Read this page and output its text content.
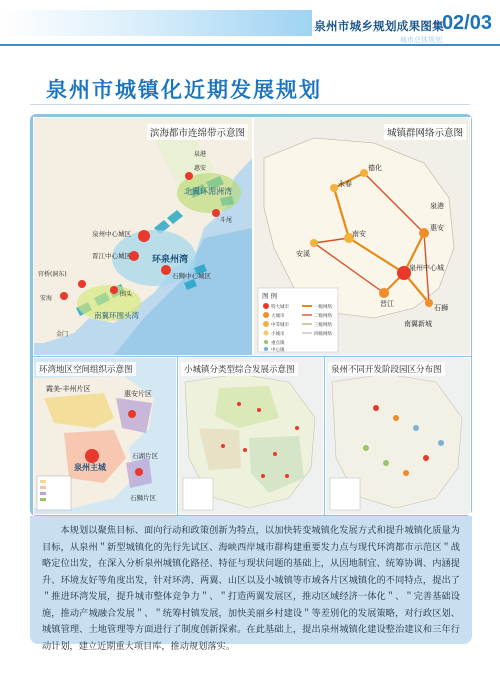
泉州市城乡规划成果图集
02/03
城市总体规划
泉州市城镇化近期发展规划
环泉州湾
北翼环湄洲湾
南翼环围头湾
泉州中心城区
晋江中心城区
石狮中心城区
官桥(洞东)
安海
惠安
斗尾
泉港
围头
金门
滨海都市连绵带示意图
德化
永春
安溪
南安
泉州中心城
惠安
泉港
石狮
晋江
南翼新城
图 例
特大城市
大城市
中等城市
小城市
重点镇
中心镇
一级网络
二级网络
三级网络
四级网络
城镇群网络示意图
霞美-丰州片区
惠安片区
泉州主城
石湖片区
石狮片区
环湾地区空间组织示意图	小城镇分类型综合发展示意图	泉州不同开发阶段园区分布图

本规划以聚焦目标、面向行动和政策创新为特点，以加快转变城镇化发展方式和提升城镇化质量为目标，从泉州＂新型城镇化的先行先试区、海峡西岸城市群构建重要发力点与现代环湾都市示范区＂战略定位出发，在深入分析泉州城镇化路径、特征与现状问题的基础上，从因地制宜、统筹协调、内涵提升、环境友好等角度出发，针对环湾、两翼、山区以及小城镇等市域各片区城镇化的不同特点，提出了＂推进环湾发展，提升城市整体竞争力＂、＂打造两翼发展区，推动区域经济一体化＂、＂完善基础设施，推动产城融合发展＂、＂统筹村镇发展，加快美丽乡村建设＂等差别化的发展策略，对行政区划、城镇管理、土地管理等方面进行了制度创新探索。在此基础上，提出泉州城镇化建设整治建议和三年行动计划，建立近期重大项目库，推动规划落实。
